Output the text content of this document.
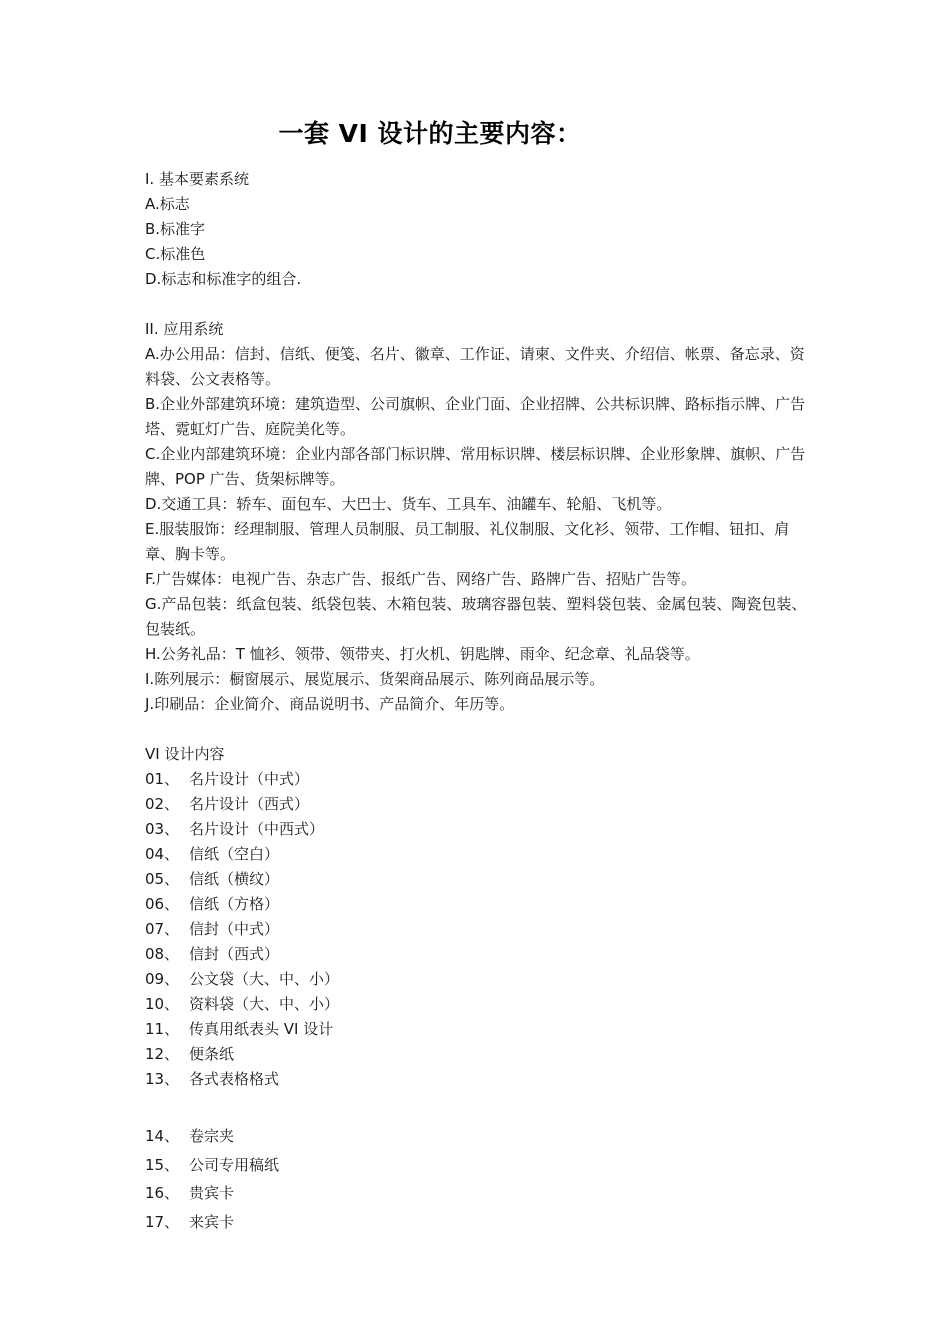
一套 VI 设计的主要内容：
I. 基本要素系统
A.标志
B.标准字
C.标准色
D.标志和标准字的组合.
II. 应用系统
A.办公用品：信封、信纸、便笺、名片、徽章、工作证、请柬、文件夹、介绍信、帐票、备忘录、资料袋、公文表格等。
B.企业外部建筑环境：建筑造型、公司旗帜、企业门面、企业招牌、公共标识牌、路标指示牌、广告塔、霓虹灯广告、庭院美化等。
C.企业内部建筑环境：企业内部各部门标识牌、常用标识牌、楼层标识牌、企业形象牌、旗帜、广告牌、POP 广告、货架标牌等。
D.交通工具：轿车、面包车、大巴士、货车、工具车、油罐车、轮船、飞机等。
E.服装服饰：经理制服、管理人员制服、员工制服、礼仪制服、文化衫、领带、工作帽、钮扣、肩章、胸卡等。
F.广告媒体：电视广告、杂志广告、报纸广告、网络广告、路牌广告、招贴广告等。
G.产品包装：纸盒包装、纸袋包装、木箱包装、玻璃容器包装、塑料袋包装、金属包装、陶瓷包装、包装纸。
H.公务礼品：T 恤衫、领带、领带夹、打火机、钥匙牌、雨伞、纪念章、礼品袋等。
I.陈列展示：橱窗展示、展览展示、货架商品展示、陈列商品展示等。
J.印刷品：企业简介、商品说明书、产品简介、年历等。
VI 设计内容
01、 名片设计（中式）
02、 名片设计（西式）
03、 名片设计（中西式）
04、 信纸（空白）
05、 信纸（横纹）
06、 信纸（方格）
07、 信封（中式）
08、 信封（西式）
09、 公文袋（大、中、小）
10、 资料袋（大、中、小）
11、 传真用纸表头 VI 设计
12、 便条纸
13、 各式表格格式
14、 卷宗夹
15、 公司专用稿纸
16、 贵宾卡
17、 来宾卡
